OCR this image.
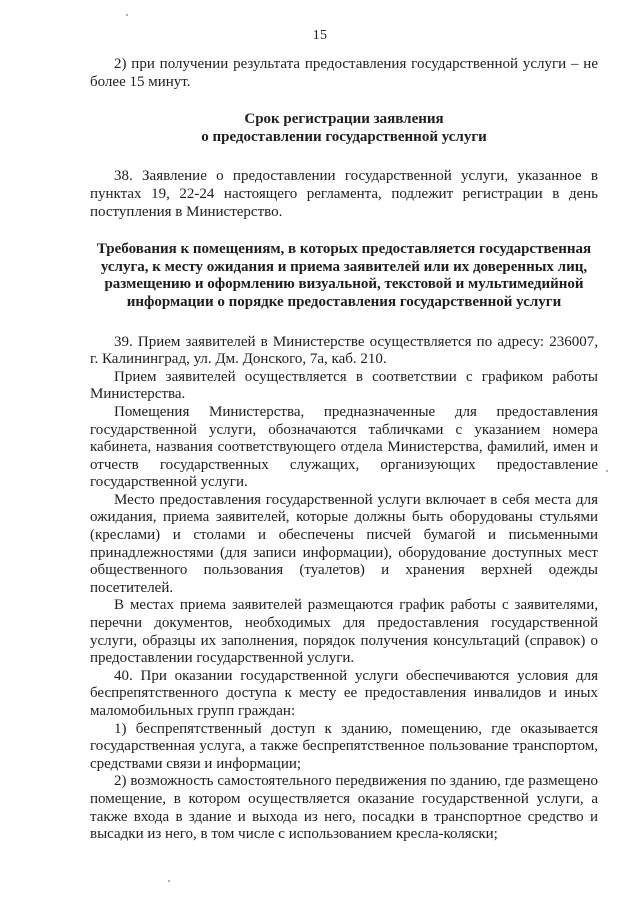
15

2) при получении результата предоставления государственной услуги – не более 15 минут.

Срок регистрации заявления
о предоставлении государственной услуги

38. Заявление о предоставлении государственной услуги, указанное в пунктах 19, 22-24 настоящего регламента, подлежит регистрации в день поступления в Министерство.

Требования к помещениям, в которых предоставляется государственная услуга, к месту ожидания и приема заявителей или их доверенных лиц, размещению и оформлению визуальной, текстовой и мультимедийной информации о порядке предоставления государственной услуги

39. Прием заявителей в Министерстве осуществляется по адресу: 236007, г. Калининград, ул. Дм. Донского, 7а, каб. 210.

Прием заявителей осуществляется в соответствии с графиком работы Министерства.

Помещения Министерства, предназначенные для предоставления государственной услуги, обозначаются табличками с указанием номера кабинета, названия соответствующего отдела Министерства, фамилий, имен и отчеств государственных служащих, организующих предоставление государственной услуги.

Место предоставления государственной услуги включает в себя места для ожидания, приема заявителей, которые должны быть оборудованы стульями (креслами) и столами и обеспечены писчей бумагой и письменными принадлежностями (для записи информации), оборудование доступных мест общественного пользования (туалетов) и хранения верхней одежды посетителей.

В местах приема заявителей размещаются график работы с заявителями, перечни документов, необходимых для предоставления государственной услуги, образцы их заполнения, порядок получения консультаций (справок) о предоставлении государственной услуги.

40. При оказании государственной услуги обеспечиваются условия для беспрепятственного доступа к месту ее предоставления инвалидов и иных маломобильных групп граждан:

1) беспрепятственный доступ к зданию, помещению, где оказывается государственная услуга, а также беспрепятственное пользование транспортом, средствами связи и информации;

2) возможность самостоятельного передвижения по зданию, где размещено помещение, в котором осуществляется оказание государственной услуги, а также входа в здание и выхода из него, посадки в транспортное средство и высадки из него, в том числе с использованием кресла-коляски;
